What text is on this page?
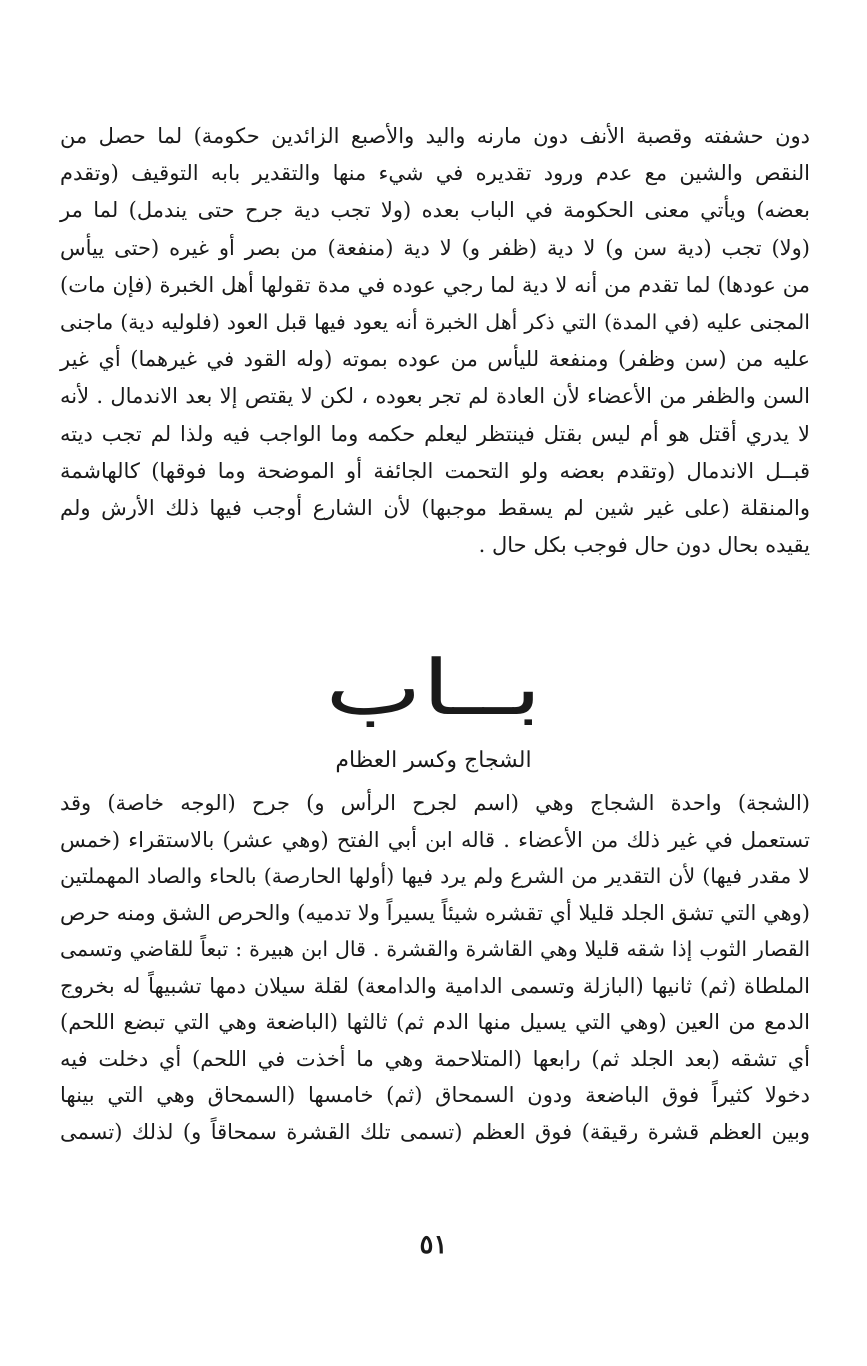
دون حشفته وقصبة الأنف دون مارنه واليد والأصبع الزائدين حكومة) لما حصل من
النقص والشين مع عدم ورود تقديره في شيء منها والتقدير بابه التوقيف (وتقدم
بعضه) ويأتي معنى الحكومة في الباب بعده (ولا تجب دية جرح حتى يندمل) لما مر
(ولا) تجب (دية سن و) لا دية (ظفر و) لا دية (منفعة) من بصر أو غيره (حتى ييأس
من عودها) لما تقدم من أنه لا دية لما رجي عوده في مدة تقولها أهل الخبرة (فإن مات)
المجنى عليه (في المدة) التي ذكر أهل الخبرة أنه يعود فيها قبل العود (فلوليه دية) ماجنى
عليه من (سن وظفر) ومنفعة لليأس من عوده بموته (وله القود في غيرهما) أي غير
السن والظفر من الأعضاء لأن العادة لم تجر بعوده ، لكن لا يقتص إلا بعد الاندمال . لأنه
لا يدري أقتل هو أم ليس بقتل فينتظر ليعلم حكمه وما الواجب فيه ولذا لم تجب ديته
قبــل الاندمال (وتقدم بعضه ولو التحمت الجائفة أو الموضحة وما فوقها) كالهاشمة
والمنقلة (على غير شين لم يسقط موجبها) لأن الشارع أوجب فيها ذلك الأرش ولم
يقيده بحال دون حال فوجب بكل حال .
بــاب
الشجاج وكسر العظام
(الشجة) واحدة الشجاج وهي (اسم لجرح الرأس و) جرح (الوجه خاصة) وقد
تستعمل في غير ذلك من الأعضاء . قاله ابن أبي الفتح (وهي عشر) بالاستقراء (خمس
لا مقدر فيها) لأن التقدير من الشرع ولم يرد فيها (أولها الحارصة) بالحاء والصاد المهملتين
(وهي التي تشق الجلد قليلا أي تقشره شيئاً يسيراً ولا تدميه) والحرص الشق ومنه حرص
القصار الثوب إذا شقه قليلا وهي القاشرة والقشرة . قال ابن هبيرة : تبعاً للقاضي وتسمى
الملطاة (ثم) ثانيها (البازلة وتسمى الدامية والدامعة) لقلة سيلان دمها تشبيهاً له بخروج
الدمع من العين (وهي التي يسيل منها الدم ثم) ثالثها (الباضعة وهي التي تبضع اللحم)
أي تشقه (بعد الجلد ثم) رابعها (المتلاحمة وهي ما أخذت في اللحم) أي دخلت فيه
دخولا كثيراً فوق الباضعة ودون السمحاق (ثم) خامسها (السمحاق وهي التي بينها
وبين العظم قشرة رقيقة) فوق العظم (تسمى تلك القشرة سمحاقاً و) لذلك (تسمى
٥١
